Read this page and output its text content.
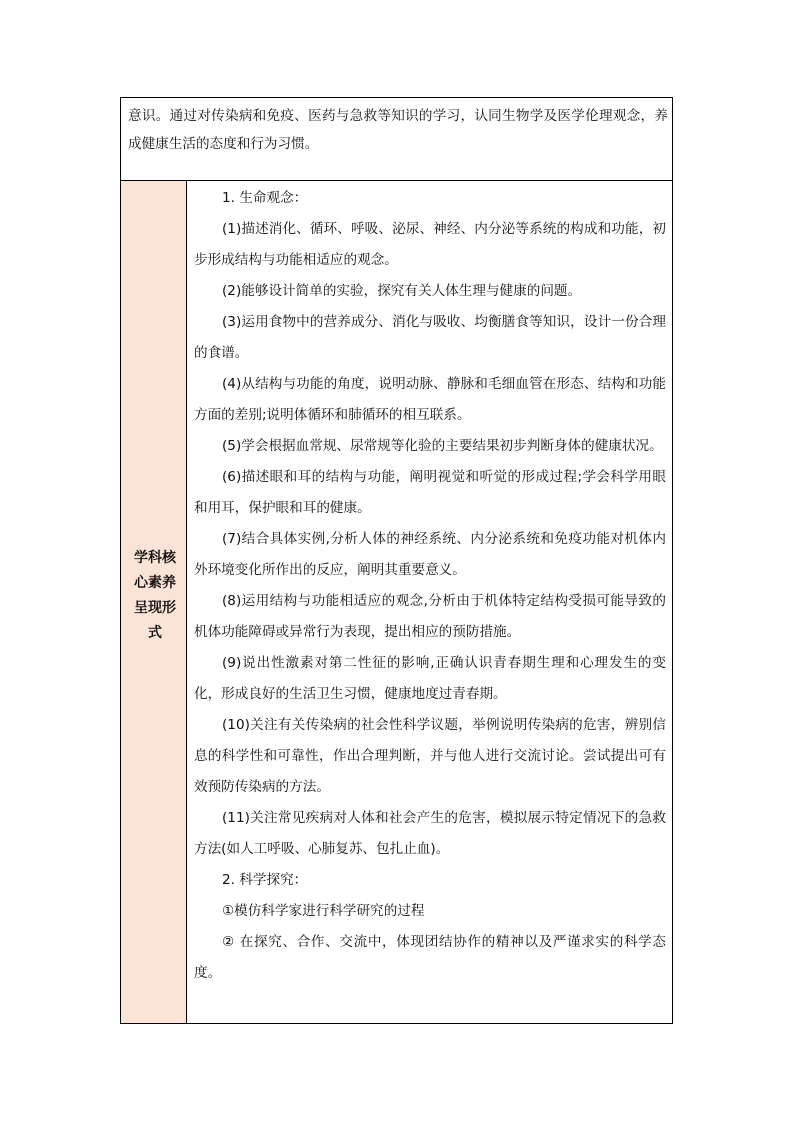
意识。通过对传染病和免疫、医药与急救等知识的学习，认同生物学及医学伦理观念，养成健康生活的态度和行为习惯。
学科核心素养呈现形式

1. 生命观念：

(1)描述消化、循环、呼吸、泌尿、神经、内分泌等系统的构成和功能，初步形成结构与功能相适应的观念。

(2)能够设计简单的实验，探究有关人体生理与健康的问题。

(3)运用食物中的营养成分、消化与吸收、均衡膳食等知识，设计一份合理的食谱。

(4)从结构与功能的角度，说明动脉、静脉和毛细血管在形态、结构和功能方面的差别;说明体循环和肺循环的相互联系。

(5)学会根据血常规、尿常规等化验的主要结果初步判断身体的健康状况。

(6)描述眼和耳的结构与功能，阐明视觉和听觉的形成过程;学会科学用眼和用耳，保护眼和耳的健康。

(7)结合具体实例,分析人体的神经系统、内分泌系统和免疫功能对机体内外环境变化所作出的反应，阐明其重要意义。

(8)运用结构与功能相适应的观念,分析由于机体特定结构受损可能导致的机体功能障碍或异常行为表现，提出相应的预防措施。

(9)说出性激素对第二性征的影响,正确认识青春期生理和心理发生的变化，形成良好的生活卫生习惯，健康地度过青春期。

(10)关注有关传染病的社会性科学议题，举例说明传染病的危害，辨别信息的科学性和可靠性，作出合理判断，并与他人进行交流讨论。尝试提出可有效预防传染病的方法。

(11)关注常见疾病对人体和社会产生的危害，模拟展示特定情况下的急救方法(如人工呼吸、心肺复苏、包扎止血)。

2. 科学探究：

①模仿科学家进行科学研究的过程

② 在探究、合作、交流中，体现团结协作的精神以及严谨求实的科学态度。
